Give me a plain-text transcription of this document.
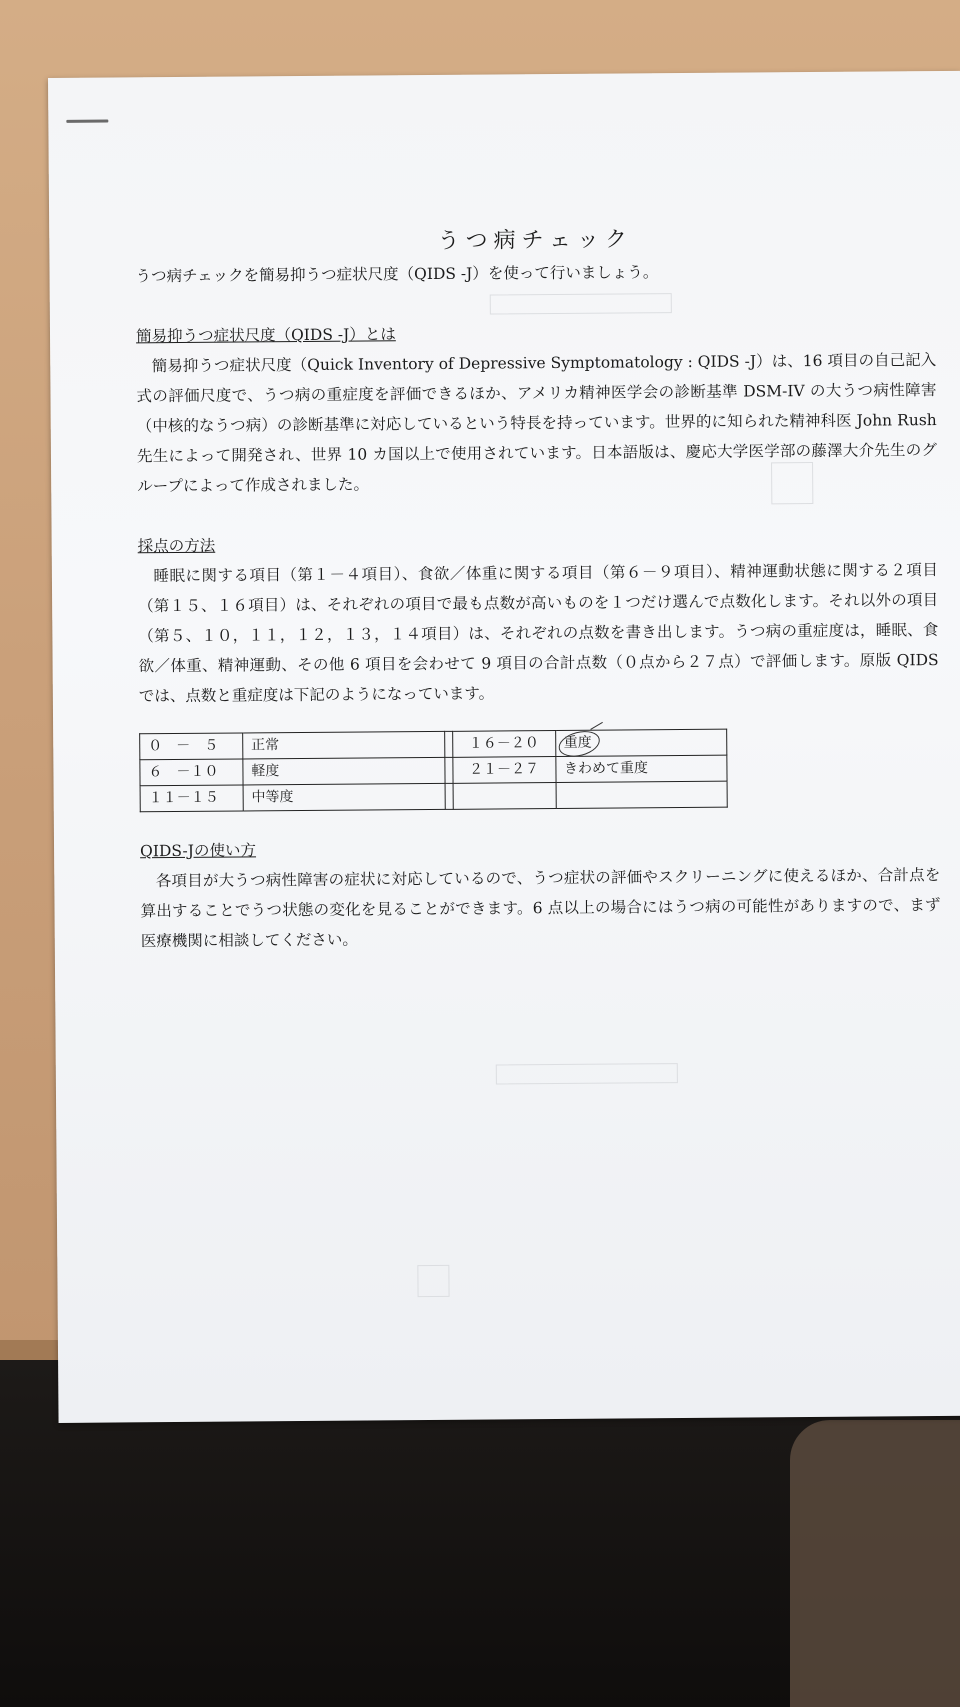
うつ病チェック

うつ病チェックを簡易抑うつ症状尺度（QIDS -J）を使って行いましょう。

簡易抑うつ症状尺度（QIDS -J）とは

簡易抑うつ症状尺度（Quick Inventory of Depressive Symptomatology : QIDS -J）は、16 項目の自己記入式の評価尺度で、うつ病の重症度を評価できるほか、アメリカ精神医学会の診断基準 DSM-IV の大うつ病性障害（中核的なうつ病）の診断基準に対応しているという特長を持っています。世界的に知られた精神科医 John Rush 先生によって開発され、世界 10 カ国以上で使用されています。日本語版は、慶応大学医学部の藤澤大介先生のグループによって作成されました。

採点の方法

睡眠に関する項目（第１－４項目）、食欲／体重に関する項目（第６－９項目）、精神運動状態に関する２項目（第１５、１６項目）は、それぞれの項目で最も点数が高いものを１つだけ選んで点数化します。それ以外の項目（第５、１０，１１，１２，１３，１４項目）は、それぞれの点数を書き出します。うつ病の重症度は，睡眠、食欲／体重、精神運動、その他 6 項目を会わせて 9 項目の合計点数（０点から２７点）で評価します。原版 QIDS では、点数と重症度は下記のようになっています。

０　－　５	正常		１６－２０	重度
６　－１０	軽度		２１－２７	きわめて重度
１１－１５	中等度			

QIDS-Jの使い方

各項目が大うつ病性障害の症状に対応しているので、うつ症状の評価やスクリーニングに使えるほか、合計点を算出することでうつ状態の変化を見ることができます。6 点以上の場合にはうつ病の可能性がありますので、まず医療機関に相談してください。
